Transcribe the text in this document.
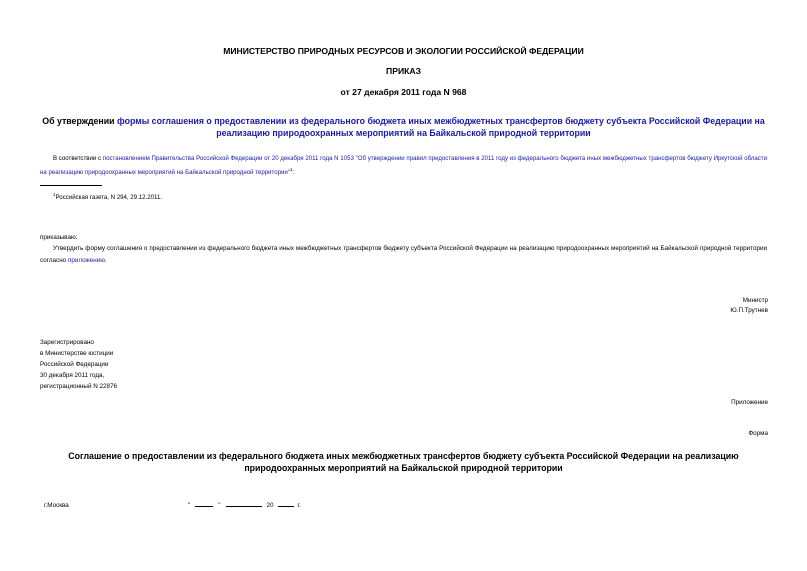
МИНИСТЕРСТВО ПРИРОДНЫХ РЕСУРСОВ И ЭКОЛОГИИ РОССИЙСКОЙ ФЕДЕРАЦИИ
ПРИКАЗ
от 27 декабря 2011 года N 968
Об утверждении формы соглашения о предоставлении из федерального бюджета иных межбюджетных трансфертов бюджету субъекта Российской Федерации на реализацию природоохранных мероприятий на Байкальской природной территории
В соответствии с постановлением Правительства Российской Федерации от 20 декабря 2011 года N 1053 "Об утверждении правил предоставления в 2011 году из федерального бюджета иных межбюджетных трансфертов бюджету Иркутской области на реализацию природоохранных мероприятий на Байкальской природной территории"$^1$:
$^1$Российская газета, N 294, 29.12.2011.
приказываю:
Утвердить форму соглашения о предоставлении из федерального бюджета иных межбюджетных трансфертов бюджету субъекта Российской Федерации на реализацию природоохранных мероприятий на Байкальской природной территории согласно приложению.
Министр
Ю.П.Трутнев
Зарегистрировано
в Министерстве юстиции
Российской Федерации
30 декабря 2011 года,
регистрационный N 22876
Приложение
Форма
Соглашение о предоставлении из федерального бюджета иных межбюджетных трансфертов бюджету субъекта Российской Федерации на реализацию природоохранных мероприятий на Байкальской природной территории
г.Москва	"	"	20	г.
